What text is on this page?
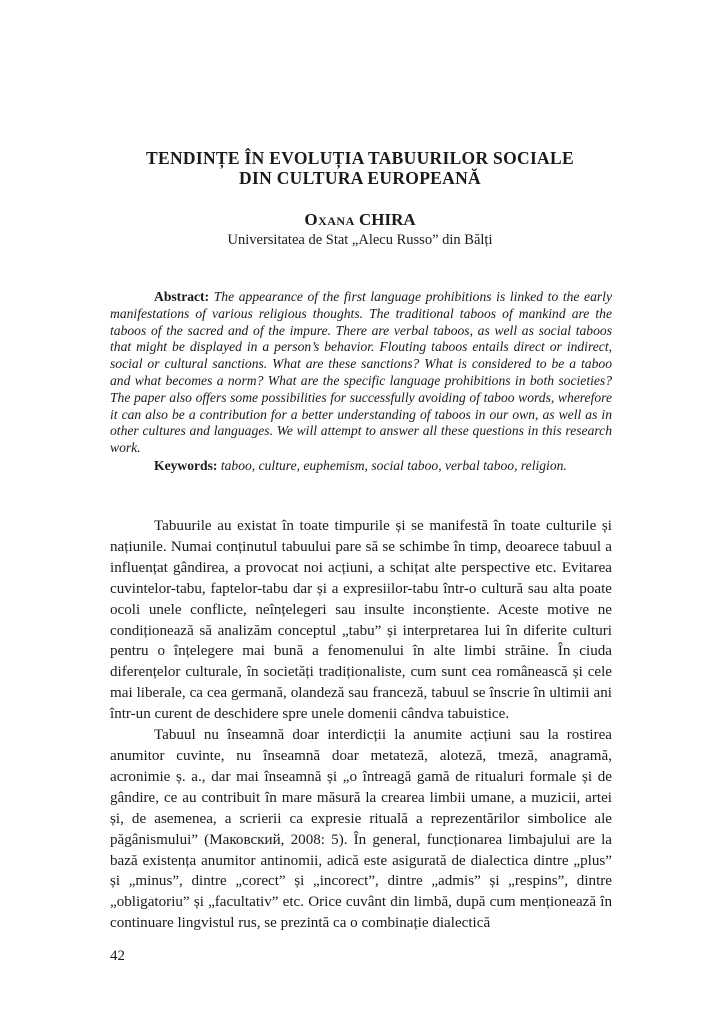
TENDINȚE ÎN EVOLUȚIA TABUURILOR SOCIALE
DIN CULTURA EUROPEANĂ
Oxana CHIRA
Universitatea de Stat „Alecu Russo” din Bălți
Abstract: The appearance of the first language prohibitions is linked to the early manifestations of various religious thoughts. The traditional taboos of mankind are the taboos of the sacred and of the impure. There are verbal taboos, as well as social taboos that might be displayed in a person’s behavior. Flouting taboos entails direct or indirect, social or cultural sanctions. What are these sanctions? What is considered to be a taboo and what becomes a norm? What are the specific language prohibitions in both societies? The paper also offers some possibilities for successfully avoiding of taboo words, wherefore it can also be a contribution for a better understanding of taboos in our own, as well as in other cultures and languages. We will attempt to answer all these questions in this research work.
Keywords: taboo, culture, euphemism, social taboo, verbal taboo, religion.

Tabuurile au existat în toate timpurile și se manifestă în toate culturile și națiunile. Numai conținutul tabuului pare să se schimbe în timp, deoarece tabuul a influențat gândirea, a provocat noi acțiuni, a schițat alte perspective etc. Evitarea cuvintelor-tabu, faptelor-tabu dar și a expresiilor-tabu într-o cultură sau alta poate ocoli unele conflicte, neînțelegeri sau insulte inconștiente. Aceste motive ne condiționează să analizăm conceptul „tabu” și interpretarea lui în diferite culturi pentru o înțelegere mai bună a fenomenului în alte limbi străine. În ciuda diferențelor culturale, în societăți tradiționaliste, cum sunt cea românească și cele mai liberale, ca cea germană, olandeză sau franceză, tabuul se înscrie în ultimii ani într-un curent de deschidere spre unele domenii cândva tabuistice.

Tabuul nu înseamnă doar interdicții la anumite acțiuni sau la rostirea anumitor cuvinte, nu înseamnă doar metateză, aloteză, tmeză, anagramă, acronimie ș. a., dar mai înseamnă și „o întreagă gamă de ritualuri formale și de gândire, ce au contribuit în mare măsură la crearea limbii umane, a muzicii, artei și, de asemenea, a scrierii ca expresie rituală a reprezentărilor simbolice ale păgânismului” (Маковский, 2008: 5). În general, funcționarea limbajului are la bază existența anumitor antinomii, adică este asigurată de dialectica dintre „plus” și „minus”, dintre „corect” și „incorect”, dintre „admis” și „respins”, dintre „obligatoriu” și „facultativ” etc. Orice cuvânt din limbă, după cum menționează în continuare lingvistul rus, se prezintă ca o combinație dialectică

42
